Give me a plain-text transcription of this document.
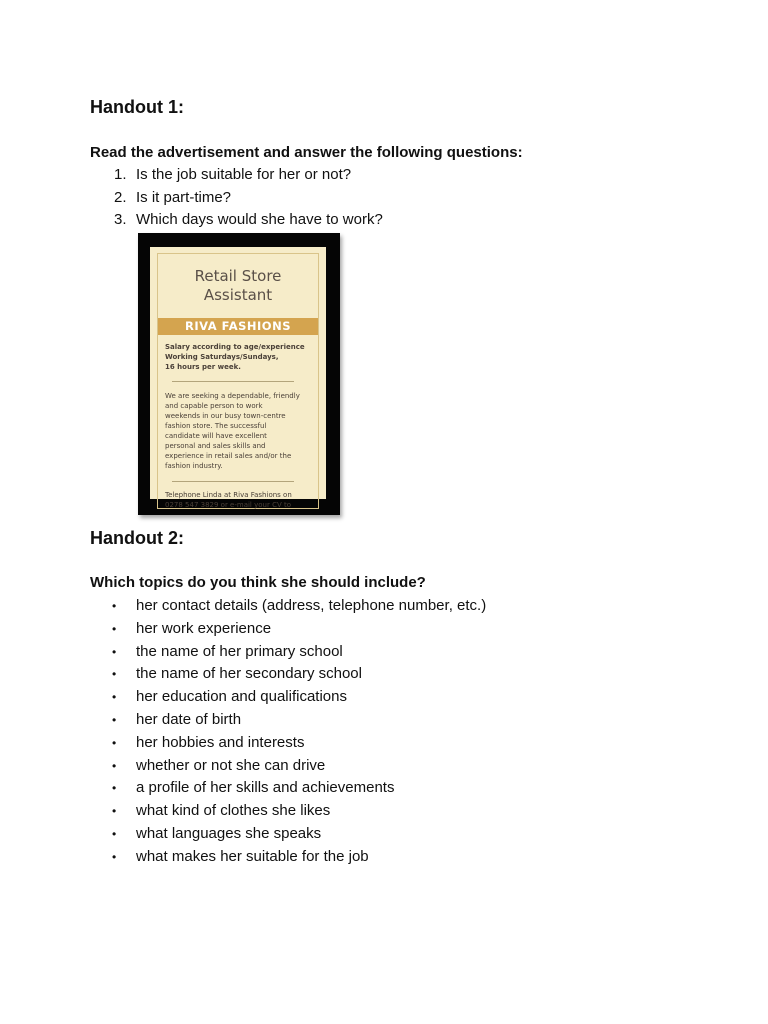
Handout 1:

Read the advertisement and answer the following questions:

1. Is the job suitable for her or not?
2. Is it part-time?
3. Which days would she have to work?
Retail Store
Assistant
RIVA FASHIONS
Salary according to age/experience
Working Saturdays/Sundays,
16 hours per week.
We are seeking a dependable, friendly
and capable person to work
weekends in our busy town-centre
fashion store. The successful
candidate will have excellent
personal and sales skills and
experience in retail sales and/or the
fashion industry.
Telephone Linda at Riva Fashions on
0278 547 3829 or e-mail your CV to
Handout 2:

Which topics do you think she should include?

• her contact details (address, telephone number, etc.)
• her work experience
• the name of her primary school
• the name of her secondary school
• her education and qualifications
• her date of birth
• her hobbies and interests
• whether or not she can drive
• a profile of her skills and achievements
• what kind of clothes she likes
• what languages she speaks
• what makes her suitable for the job
